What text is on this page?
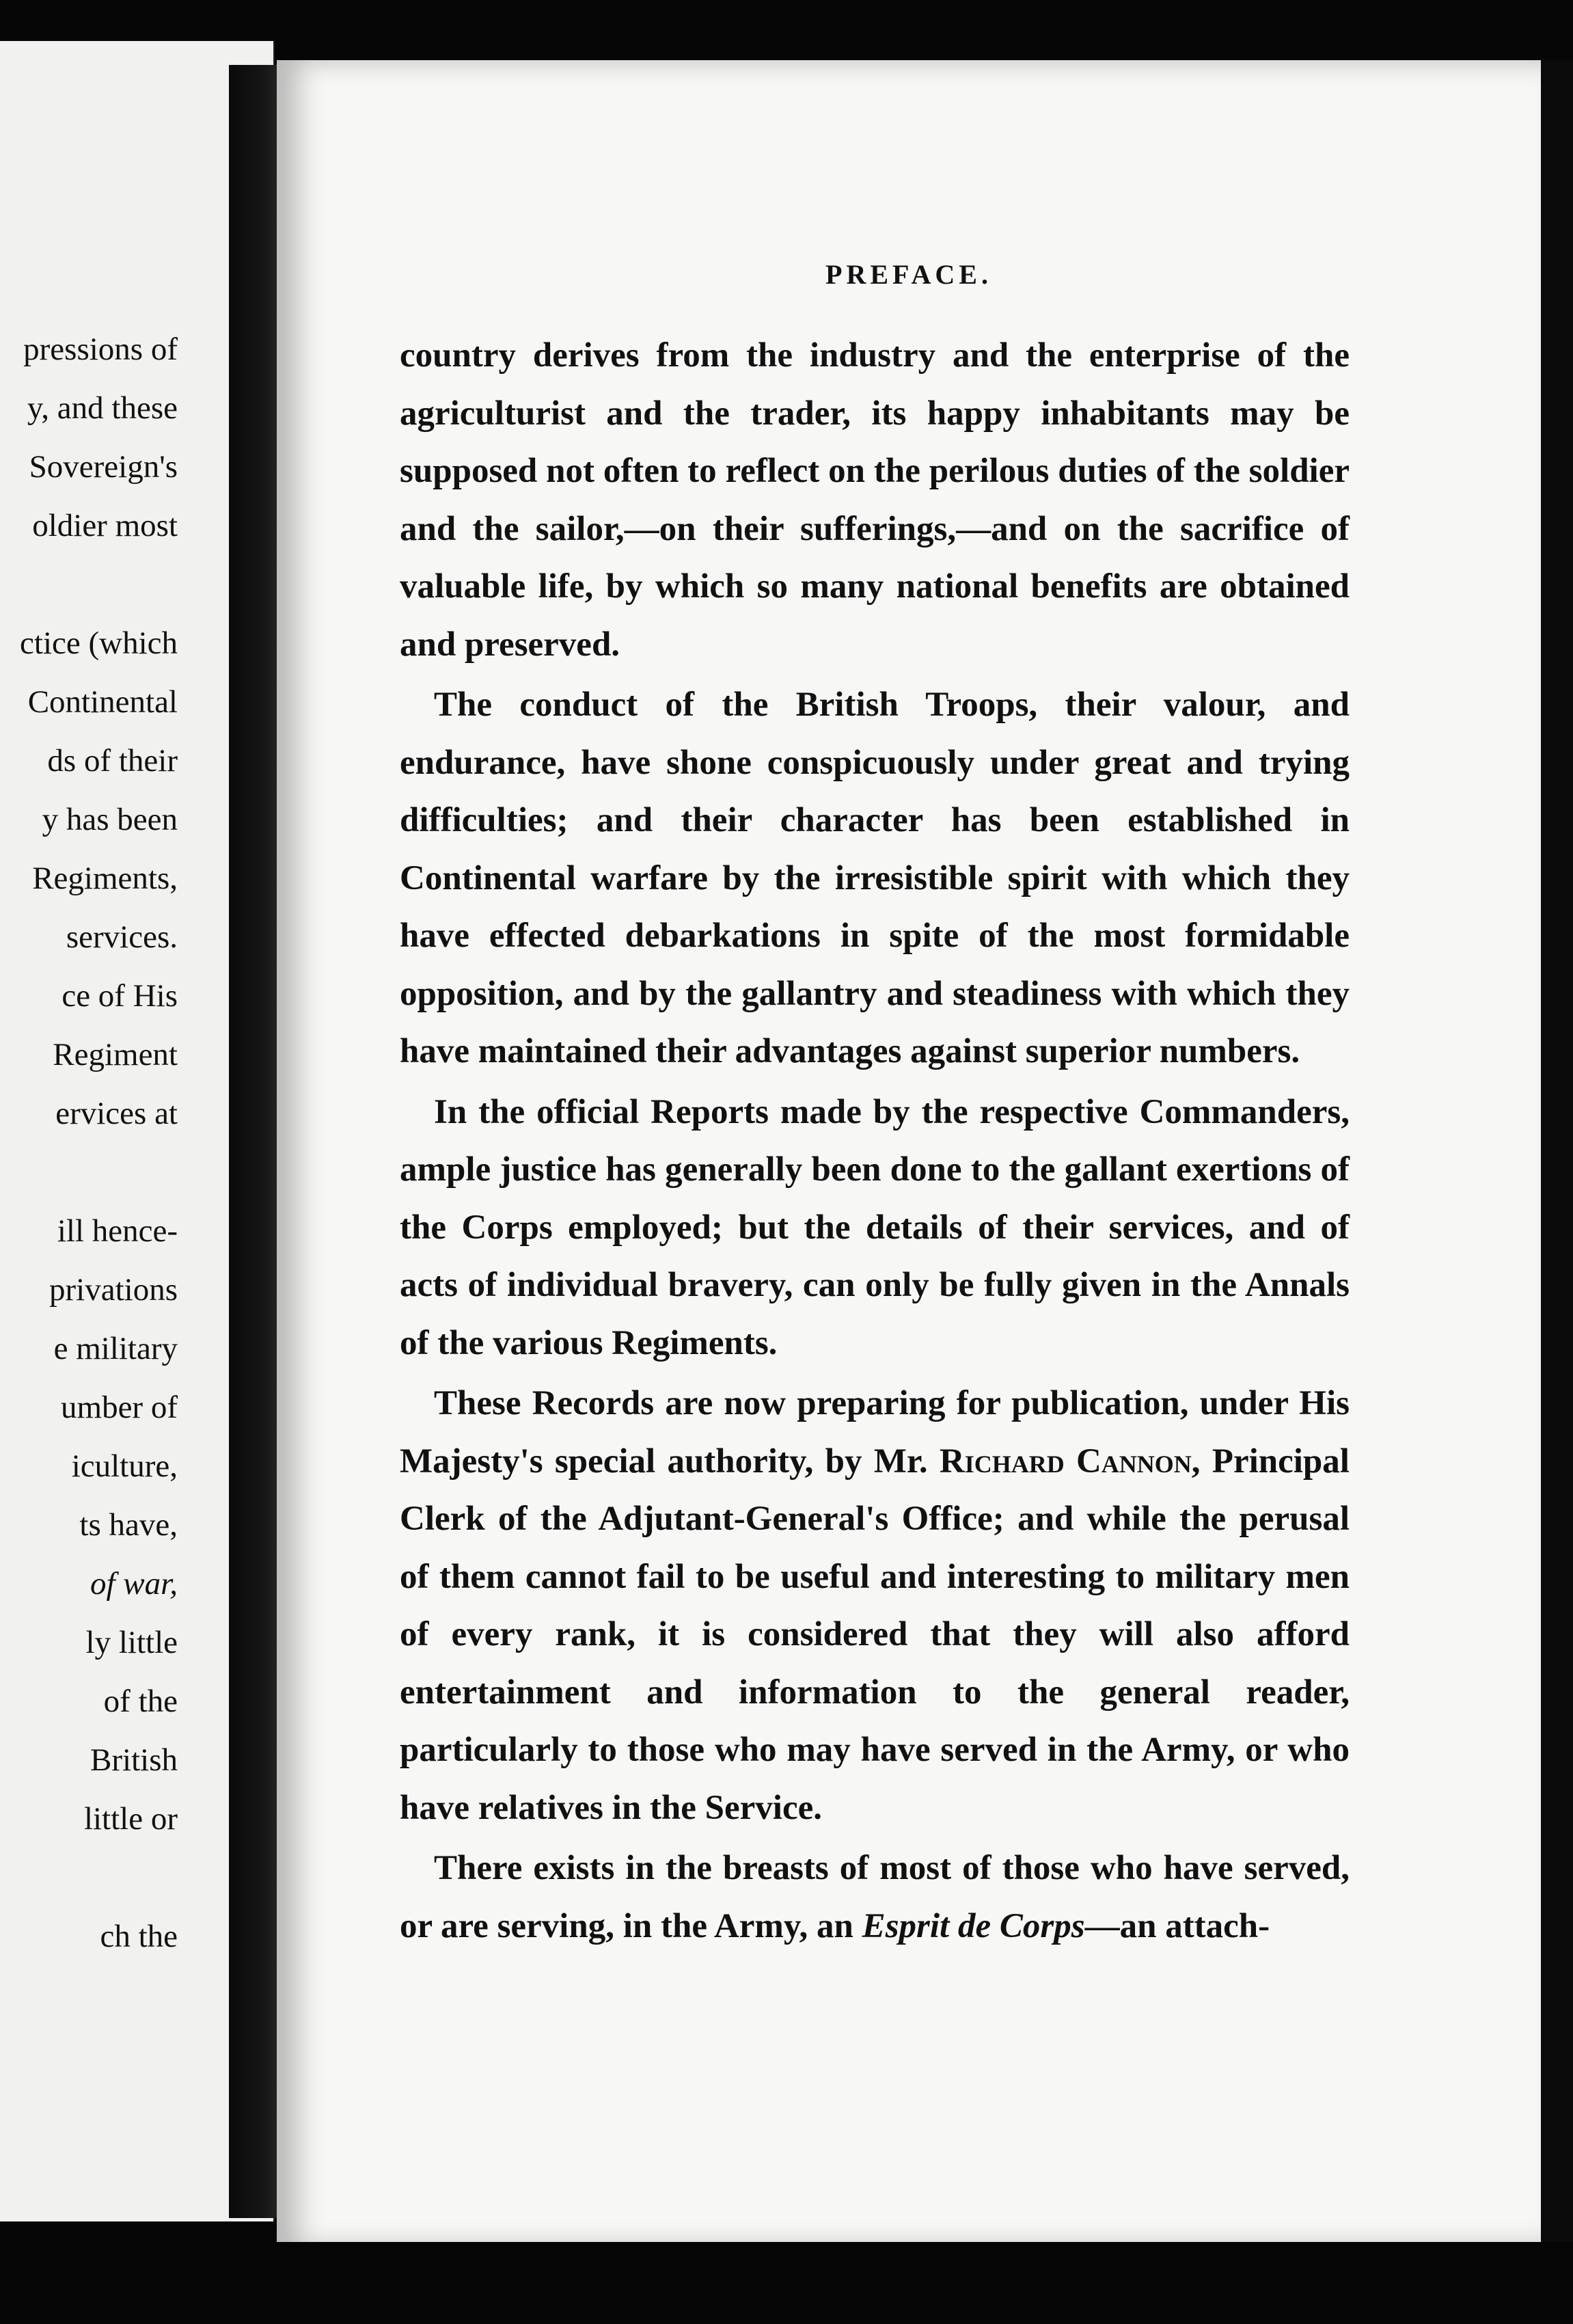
pressions of
y, and these
Sovereign's
oldier most
ctice (which
Continental
ds of their
y has been
Regiments,
services.
ce of His
Regiment
ervices at
ill hence-
privations
e military
umber of
iculture,
ts have,
of war,
ly little
of the
British
little or
ch the
PREFACE.

country derives from the industry and the enterprise of the agriculturist and the trader, its happy inhabitants may be supposed not often to reflect on the perilous duties of the soldier and the sailor,—on their sufferings,—and on the sacrifice of valuable life, by which so many national benefits are obtained and preserved.

The conduct of the British Troops, their valour, and endurance, have shone conspicuously under great and trying difficulties; and their character has been established in Continental warfare by the irresistible spirit with which they have effected debarkations in spite of the most formidable opposition, and by the gallantry and steadiness with which they have maintained their advantages against superior numbers.

In the official Reports made by the respective Commanders, ample justice has generally been done to the gallant exertions of the Corps employed; but the details of their services, and of acts of individual bravery, can only be fully given in the Annals of the various Regiments.

These Records are now preparing for publication, under His Majesty's special authority, by Mr. Richard Cannon, Principal Clerk of the Adjutant-General's Office; and while the perusal of them cannot fail to be useful and interesting to military men of every rank, it is considered that they will also afford entertainment and information to the general reader, particularly to those who may have served in the Army, or who have relatives in the Service.

There exists in the breasts of most of those who have served, or are serving, in the Army, an Esprit de Corps—an attach-
